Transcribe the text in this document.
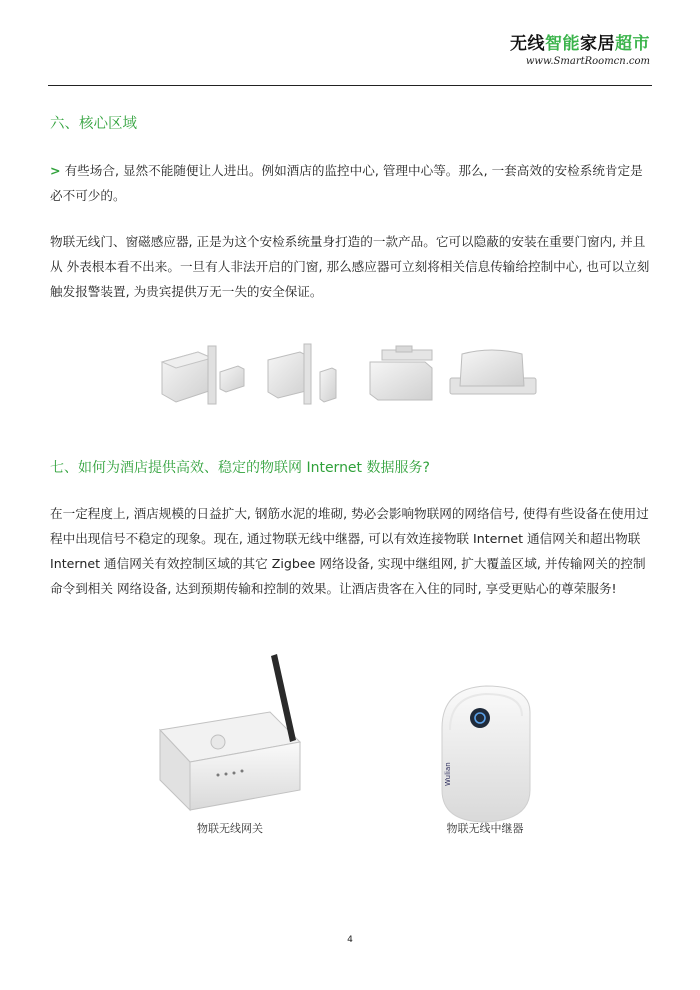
无线智能家居超市
www.SmartRoomcn.com
六、核心区域

> 有些场合, 显然不能随便让人进出。例如酒店的监控中心, 管理中心等。那么, 一套高效的安检系统肯定是必不可少的。

物联无线门、窗磁感应器, 正是为这个安检系统量身打造的一款产品。它可以隐蔽的安装在重要门窗内, 并且从 外表根本看不出来。一旦有人非法开启的门窗, 那么感应器可立刻将相关信息传输给控制中心, 也可以立刻触发报警装置, 为贵宾提供万无一失的安全保证。

七、如何为酒店提供高效、稳定的物联网 Internet 数据服务?

在一定程度上, 酒店规模的日益扩大, 钢筋水泥的堆砌, 势必会影响物联网的网络信号, 使得有些设备在使用过 程中出现信号不稳定的现象。现在, 通过物联无线中继器, 可以有效连接物联 Internet 通信网关和超出物联 Internet 通信网关有效控制区域的其它 Zigbee 网络设备, 实现中继组网, 扩大覆盖区域, 并传输网关的控制命令到相关 网络设备, 达到预期传输和控制的效果。让酒店贵客在入住的同时, 享受更贴心的尊荣服务!

Wulian
物联无线网关	物联无线中继器
4
